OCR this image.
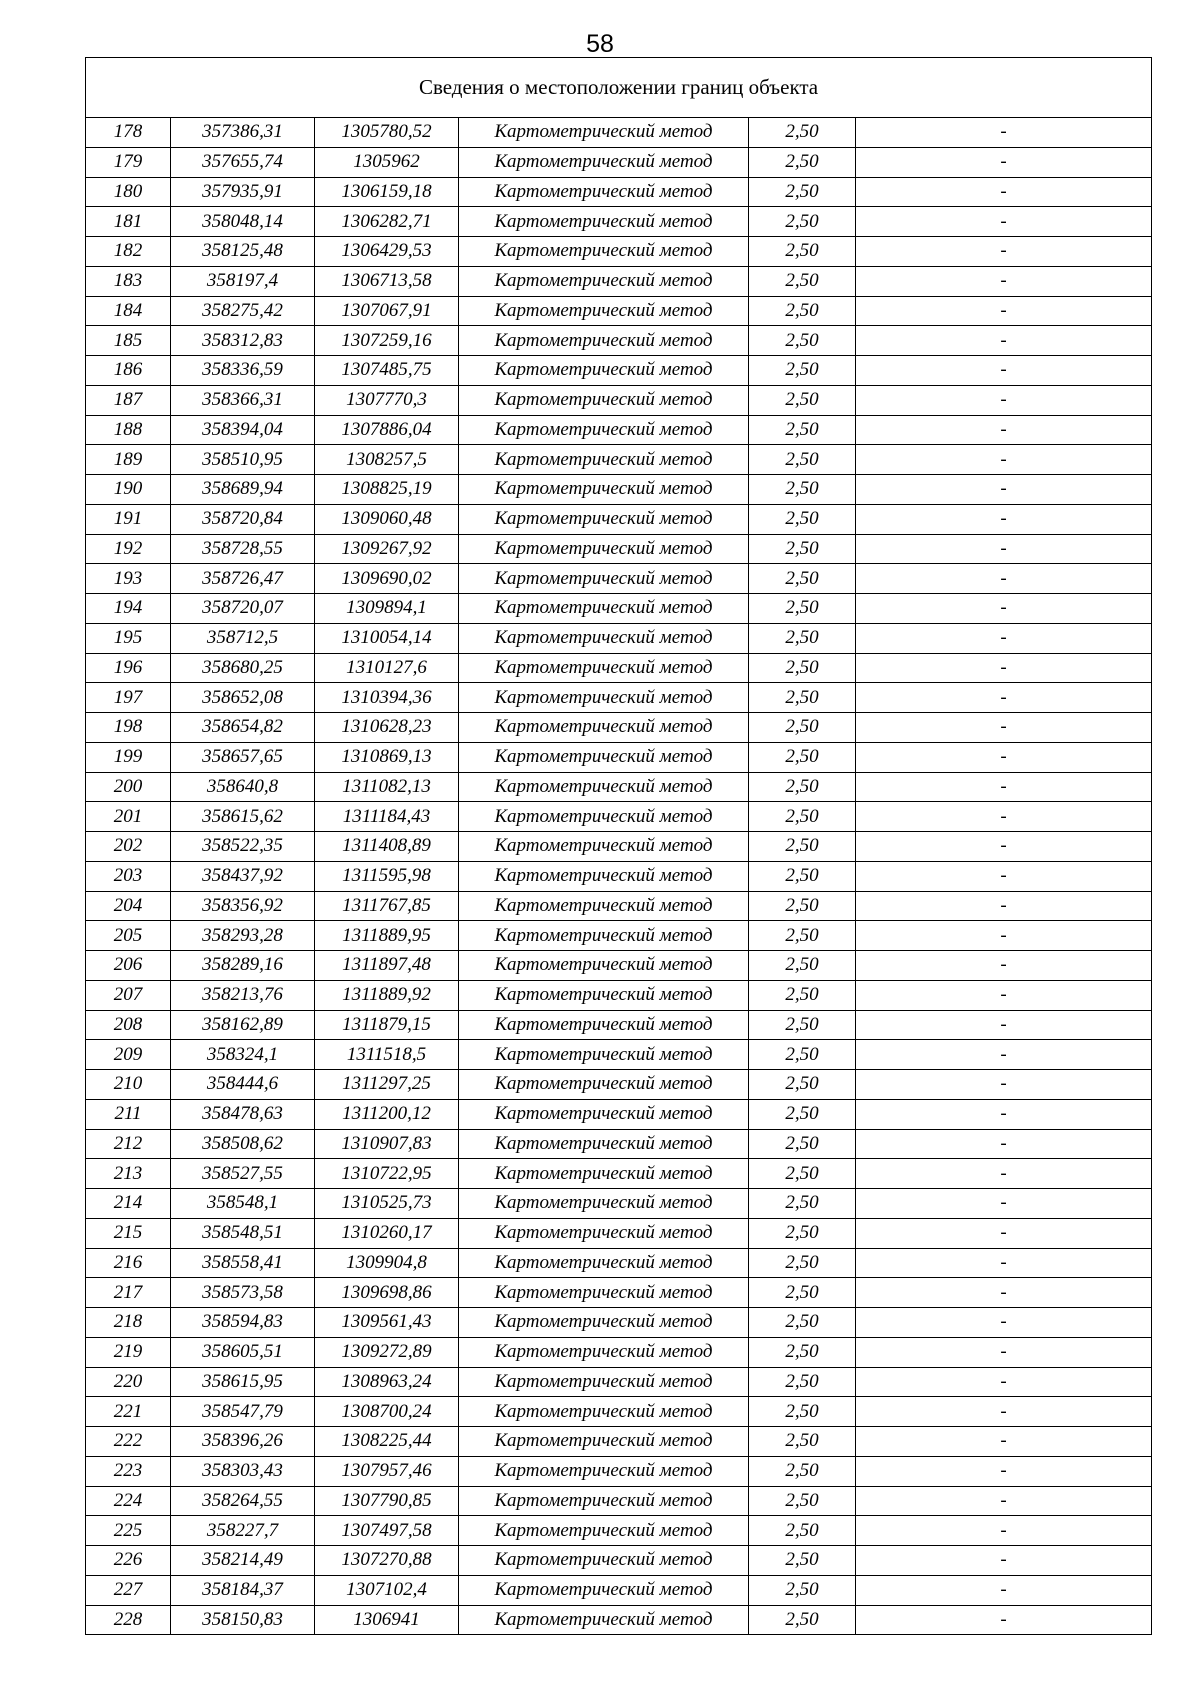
58
Сведения о местоположении границ объекта					
178	357386,31	1305780,52	Картометрический метод	2,50	-
179	357655,74	1305962	Картометрический метод	2,50	-
180	357935,91	1306159,18	Картометрический метод	2,50	-
181	358048,14	1306282,71	Картометрический метод	2,50	-
182	358125,48	1306429,53	Картометрический метод	2,50	-
183	358197,4	1306713,58	Картометрический метод	2,50	-
184	358275,42	1307067,91	Картометрический метод	2,50	-
185	358312,83	1307259,16	Картометрический метод	2,50	-
186	358336,59	1307485,75	Картометрический метод	2,50	-
187	358366,31	1307770,3	Картометрический метод	2,50	-
188	358394,04	1307886,04	Картометрический метод	2,50	-
189	358510,95	1308257,5	Картометрический метод	2,50	-
190	358689,94	1308825,19	Картометрический метод	2,50	-
191	358720,84	1309060,48	Картометрический метод	2,50	-
192	358728,55	1309267,92	Картометрический метод	2,50	-
193	358726,47	1309690,02	Картометрический метод	2,50	-
194	358720,07	1309894,1	Картометрический метод	2,50	-
195	358712,5	1310054,14	Картометрический метод	2,50	-
196	358680,25	1310127,6	Картометрический метод	2,50	-
197	358652,08	1310394,36	Картометрический метод	2,50	-
198	358654,82	1310628,23	Картометрический метод	2,50	-
199	358657,65	1310869,13	Картометрический метод	2,50	-
200	358640,8	1311082,13	Картометрический метод	2,50	-
201	358615,62	1311184,43	Картометрический метод	2,50	-
202	358522,35	1311408,89	Картометрический метод	2,50	-
203	358437,92	1311595,98	Картометрический метод	2,50	-
204	358356,92	1311767,85	Картометрический метод	2,50	-
205	358293,28	1311889,95	Картометрический метод	2,50	-
206	358289,16	1311897,48	Картометрический метод	2,50	-
207	358213,76	1311889,92	Картометрический метод	2,50	-
208	358162,89	1311879,15	Картометрический метод	2,50	-
209	358324,1	1311518,5	Картометрический метод	2,50	-
210	358444,6	1311297,25	Картометрический метод	2,50	-
211	358478,63	1311200,12	Картометрический метод	2,50	-
212	358508,62	1310907,83	Картометрический метод	2,50	-
213	358527,55	1310722,95	Картометрический метод	2,50	-
214	358548,1	1310525,73	Картометрический метод	2,50	-
215	358548,51	1310260,17	Картометрический метод	2,50	-
216	358558,41	1309904,8	Картометрический метод	2,50	-
217	358573,58	1309698,86	Картометрический метод	2,50	-
218	358594,83	1309561,43	Картометрический метод	2,50	-
219	358605,51	1309272,89	Картометрический метод	2,50	-
220	358615,95	1308963,24	Картометрический метод	2,50	-
221	358547,79	1308700,24	Картометрический метод	2,50	-
222	358396,26	1308225,44	Картометрический метод	2,50	-
223	358303,43	1307957,46	Картометрический метод	2,50	-
224	358264,55	1307790,85	Картометрический метод	2,50	-
225	358227,7	1307497,58	Картометрический метод	2,50	-
226	358214,49	1307270,88	Картометрический метод	2,50	-
227	358184,37	1307102,4	Картометрический метод	2,50	-
228	358150,83	1306941	Картометрический метод	2,50	-
